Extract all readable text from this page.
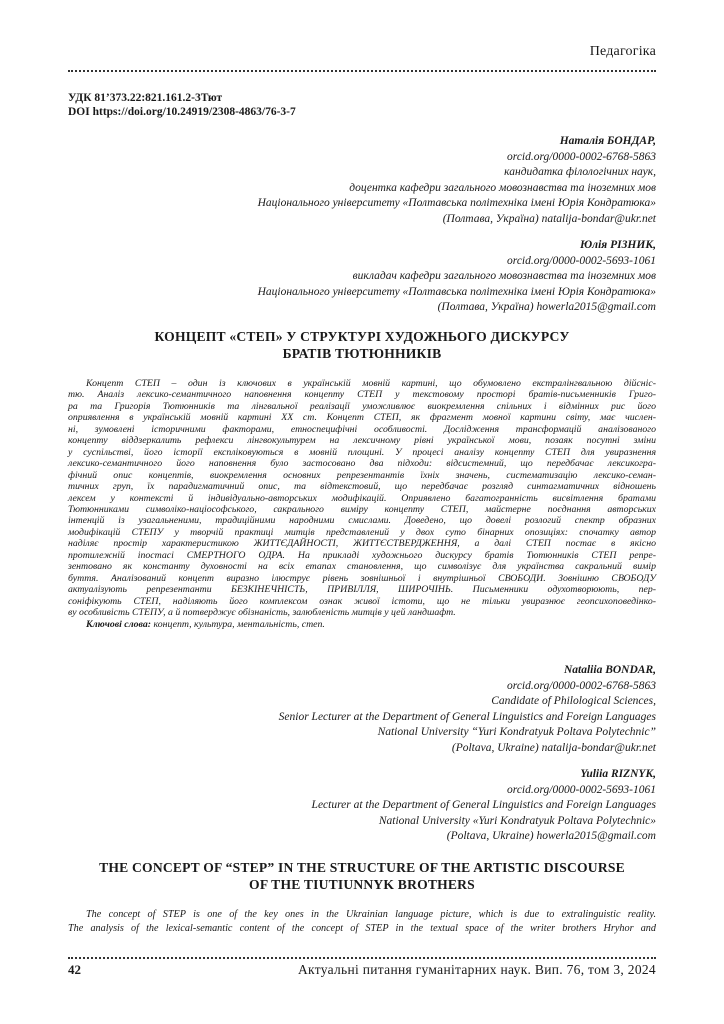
Педагогіка
УДК 81’373.22:821.161.2-3Тют
DOI https://doi.org/10.24919/2308-4863/76-3-7
Наталія БОНДАР,
orcid.org/0000-0002-6768-5863
кандидатка філологічних наук,
доцентка кафедри загального мовознавства та іноземних мов
Національного університету «Полтавська політехніка імені Юрія Кондратюка»
(Полтава, Україна) natalija-bondar@ukr.net
Юлія РІЗНИК,
orcid.org/0000-0002-5693-1061
викладач кафедри загального мовознавства та іноземних мов
Національного університету «Полтавська політехніка імені Юрія Кондратюка»
(Полтава, Україна) howerla2015@gmail.com
КОНЦЕПТ «СТЕП» У СТРУКТУРІ ХУДОЖНЬОГО ДИСКУРСУ
БРАТІВ ТЮТЮННИКІВ
Концепт СТЕП – один із ключових в українській мовній картині, що обумовлено екстралінгвальною дійсніс-
тю. Аналіз лексико-семантичного наповнення концепту СТЕП у текстовому просторі братів-письменників Григо-
ра та Григорія Тютюнників та лінгвальної реалізації уможливлює виокремлення спільних і відмінних рис його
оприявлення в українській мовній картині ХХ ст. Концепт СТЕП, як фрагмент мовної картини світу, має числен-
ні, зумовлені історичними факторами, етноспецифічні особливості. Дослідження трансформацій аналізованого
концепту віддзеркалить рефлекси лінгвокультурем на лексичному рівні української мови, позаяк посутні зміни
у суспільстві, його історії експліковуються в мовній площині. У процесі аналізу концепту СТЕП для увиразнення
лексико-семантичного його наповнення було застосовано два підходи: відсистемний, що передбачає лексикогра-
фічний опис концептів, виокремлення основних репрезентантів їхніх значень, систематизацію лексико-семан-
тичних груп, їх парадигматичний опис, та відтекстовий, що передбачає розгляд синтагматичних відношень
лексем у контексті й індивідуально-авторських модифікацій. Оприявлено багатогранність висвітлення братами
Тютюнниками символіко-націософського, сакрального виміру концепту СТЕП, майстерне поєднання авторських
інтенцій із узагальненими, традиційними народними смислами. Доведено, що довелі розлогий спектр образних
модифікацій СТЕПУ у творчій практиці митців представлений у двох суто бінарних опозиціях: спочатку автор
наділяє простір характеристикою ЖИТТЄДАЙНОСТІ, ЖИТТЄСТВЕРДЖЕННЯ, а далі СТЕП постає в якісно
протилежній іпостасі СМЕРТНОГО ОДРА. На прикладі художнього дискурсу братів Тютюнників СТЕП репре-
зентовано як константу духовності на всіх етапах становлення, що символізує для українства сакральний вимір
буття. Аналізований концепт виразно ілюструє рівень зовнішньої і внутрішньої СВОБОДИ. Зовнішню СВОБОДУ
актуалізують репрезентанти БЕЗКІНЕЧНІСТЬ, ПРИВІЛЛЯ, ШИРОЧІНЬ. Письменники одухотворюють, пер-
соніфікують СТЕП, наділяють його комплексом ознак живої істоти, що не тільки увиразнює геопсихоповедінко-
ву особливість СТЕПУ, а й потверджує обізнаність, залюбленість митців у цей ландшафт.
Ключові слова: концепт, культура, ментальність, степ.
Nataliia BONDAR,
orcid.org/0000-0002-6768-5863
Candidate of Philological Sciences,
Senior Lecturer at the Department of General Linguistics and Foreign Languages
National University “Yuri Kondratyuk Poltava Polytechnic”
(Poltava, Ukraine) natalija-bondar@ukr.net
Yuliia RIZNYK,
orcid.org/0000-0002-5693-1061
Lecturer at the Department of General Linguistics and Foreign Languages
National University «Yuri Kondratyuk Poltava Polytechnic»
(Poltava, Ukraine) howerla2015@gmail.com
THE CONCEPT OF “STEP” IN THE STRUCTURE OF THE ARTISTIC DISCOURSE
OF THE TIUTIUNNYK BROTHERS
The concept of STEP is one of the key ones in the Ukrainian language picture, which is due to extralinguistic reality.
The analysis of the lexical-semantic content of the concept of STEP in the textual space of the writer brothers Hryhor and
42	Актуальні питання гуманітарних наук. Вип. 76, том 3, 2024
